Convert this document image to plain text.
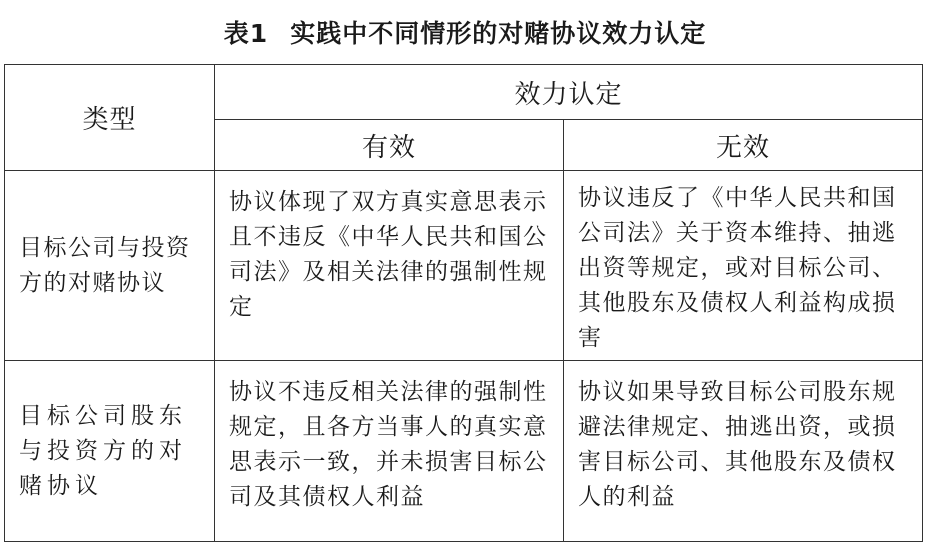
表1 实践中不同情形的对赌协议效力认定
类型	效力认定	
	有效	无效
目标公司与投资方的对赌协议	协议体现了双方真实意思表示且不违反《中华人民共和国公司法》及相关法律的强制性规定	协议违反了《中华人民共和国公司法》关于资本维持、抽逃出资等规定，或对目标公司、其他股东及债权人利益构成损害
目标公司股东与投资方的对赌协议	协议不违反相关法律的强制性规定，且各方当事人的真实意思表示一致，并未损害目标公司及其债权人利益	协议如果导致目标公司股东规避法律规定、抽逃出资，或损害目标公司、其他股东及债权人的利益
